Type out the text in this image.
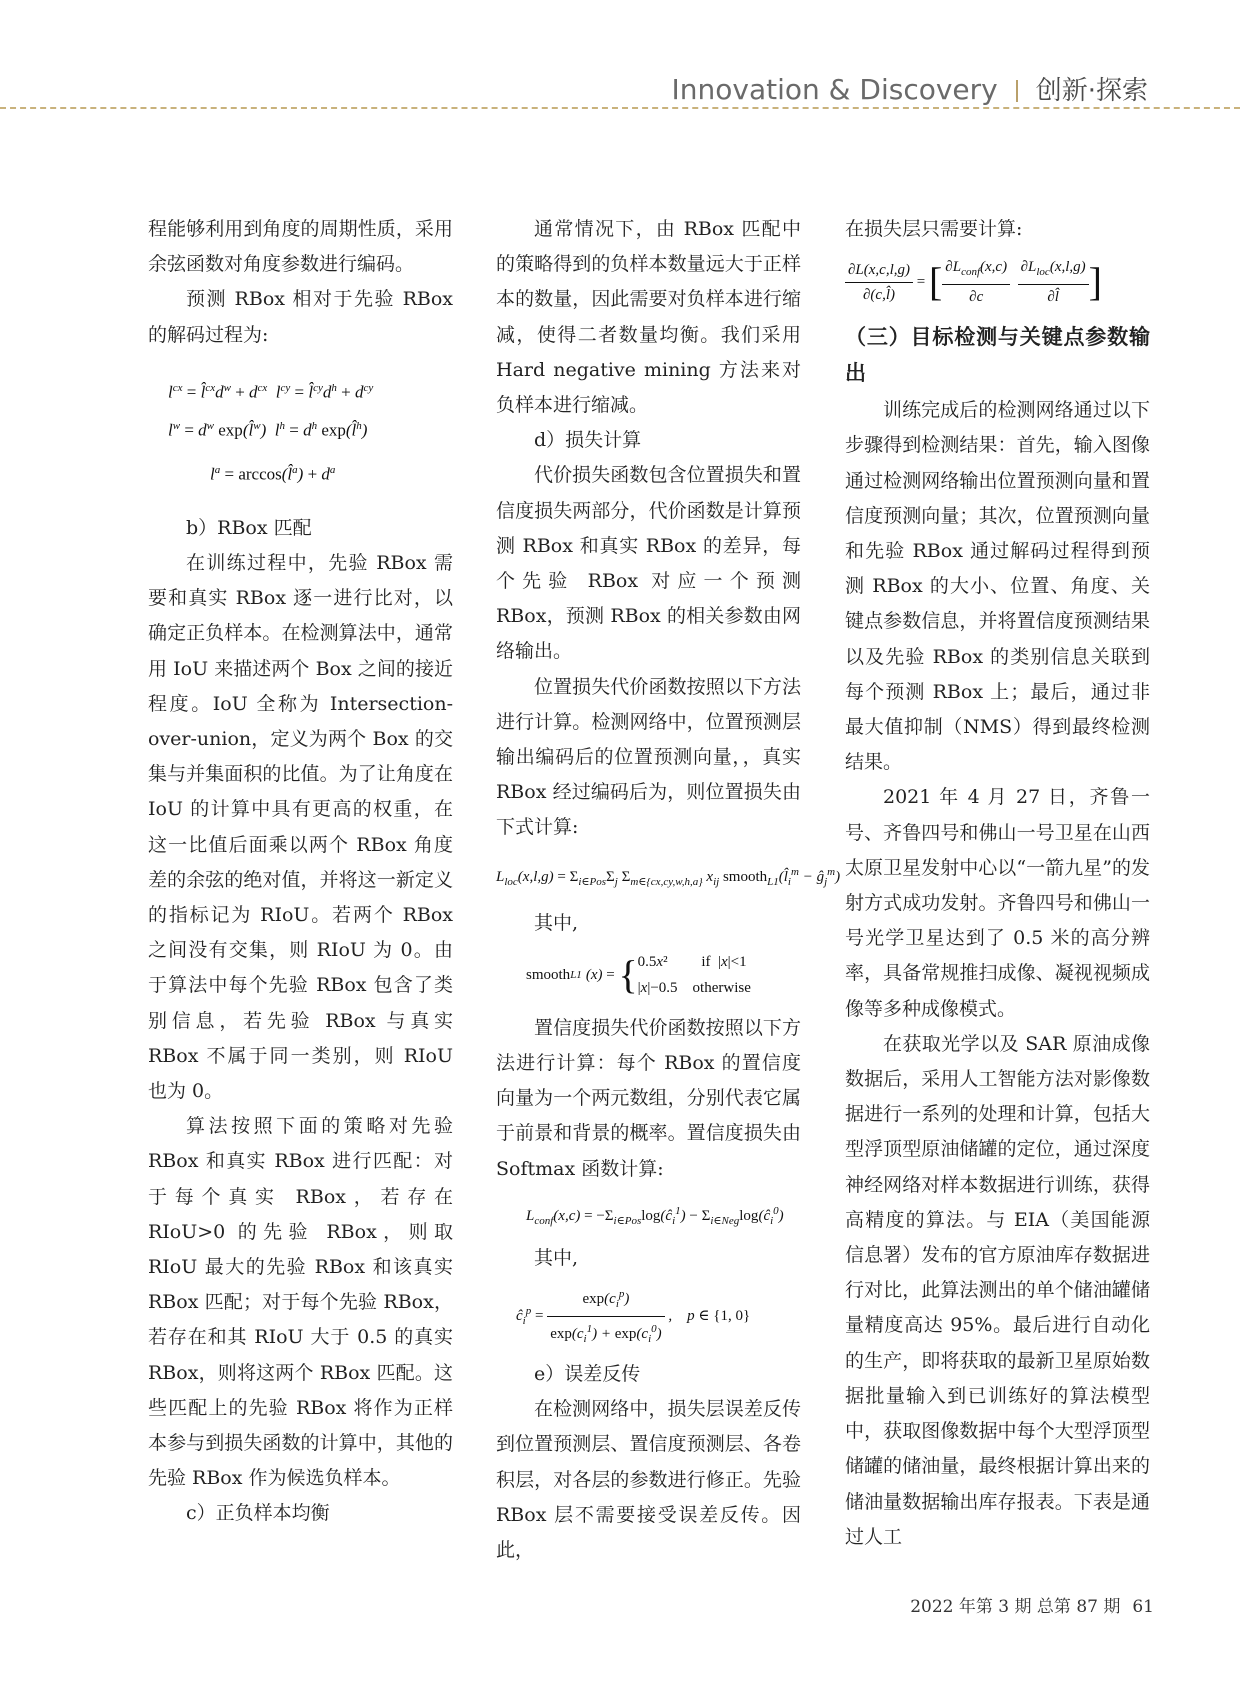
Innovation & Discovery 创新·探索

程能够利用到角度的周期性质，采用余弦函数对角度参数进行编码。

预测 RBox 相对于先验 RBox 的解码过程为:

$l^{cx}$ = $l̂^{cx}d^w + d^{cx}$ $l^{cy}$ = $l̂^{cy}d^h + d^{cy}$
$l^w = d^w$ exp(l̂$^w$)  $l^h = d^h$ exp(l̂$^h$)
$l^a$ = arccos(l̂$^a$) + $d^a$

b）RBox 匹配

在训练过程中，先验 RBox 需要和真实 RBox 逐一进行比对，以确定正负样本。在检测算法中，通常用 IoU 来描述两个 Box 之间的接近程度。IoU 全称为 Intersection-over-union，定义为两个 Box 的交集与并集面积的比值。为了让角度在 IoU 的计算中具有更高的权重，在这一比值后面乘以两个 RBox 角度差的余弦的绝对值，并将这一新定义的指标记为 RIoU。若两个 RBox 之间没有交集，则 RIoU 为 0。由于算法中每个先验 RBox 包含了类别信息，若先验 RBox 与真实 RBox 不属于同一类别，则 RIoU 也为 0。

算法按照下面的策略对先验 RBox 和真实 RBox 进行匹配：对于每个真实 RBox，若存在 RIoU>0 的先验 RBox，则取 RIoU 最大的先验 RBox 和该真实 RBox 匹配；对于每个先验 RBox，若存在和其 RIoU 大于 0.5 的真实 RBox，则将这两个 RBox 匹配。这些匹配上的先验 RBox 将作为正样本参与到损失函数的计算中，其他的先验 RBox 作为候选负样本。

c）正负样本均衡

通常情况下，由 RBox 匹配中的策略得到的负样本数量远大于正样本的数量，因此需要对负样本进行缩减，使得二者数量均衡。我们采用 Hard negative mining 方法来对负样本进行缩减。

d）损失计算

代价损失函数包含位置损失和置信度损失两部分，代价函数是计算预测 RBox 和真实 RBox 的差异，每个先验 RBox 对应一个预测 RBox，预测 RBox 的相关参数由网络输出。

位置损失代价函数按照以下方法进行计算。检测网络中，位置预测层输出编码后的位置预测向量，，真实 RBox 经过编码后为，则位置损失由下式计算:

$L_{loc}(x,l,g) = \Sigma_{i\in Pos}\Sigma_j$ $\Sigma_{m\in\{cx,cy,w,h,a\}}$ $x_{ij}$ $smooth_{L1}(l̂_i^m$ − $ĝ_j^m$)

其中,

smooth L1 ( x ) = { 0.5x²         if  |x|<1
|x|−0.5    otherwise

置信度损失代价函数按照以下方法进行计算：每个 RBox 的置信度向量为一个两元数组，分别代表它属于前景和背景的概率。置信度损失由 Softmax 函数计算:

$L_{conf}(x,c)$ = $-\Sigma_{i\in Pos}\log(ĉ_i^1)$ − $\Sigma_{i\in Neg}\log(ĉ_i^0)$

其中,

$ĉ_i^p = \frac{\exp(c_i^p)}{\exp(c_i^1) + \exp(c_i^0)}$ ,    p ∈ {1, 0}

e）误差反传

在检测网络中，损失层误差反传到位置预测层、置信度预测层、各卷积层，对各层的参数进行修正。先验 RBox 层不需要接受误差反传。因此，

在损失层只需要计算:

$\frac{\partial L(x,c,l,g)}{\partial(c,l̂)}$ = [ $\frac{\partial L_{conf}(x,c)}{\partial c}$
$\frac{\partial L_{loc}(x,l,g)}{\partial l̂}$ ]
（三）目标检测与关键点参数输出

训练完成后的检测网络通过以下步骤得到检测结果：首先，输入图像通过检测网络输出位置预测向量和置信度预测向量；其次，位置预测向量和先验 RBox 通过解码过程得到预测 RBox 的大小、位置、角度、关键点参数信息，并将置信度预测结果以及先验 RBox 的类别信息关联到每个预测 RBox 上；最后，通过非最大值抑制（NMS）得到最终检测结果。

2021 年 4 月 27 日，齐鲁一号、齐鲁四号和佛山一号卫星在山西太原卫星发射中心以“一箭九星”的发射方式成功发射。齐鲁四号和佛山一号光学卫星达到了 0.5 米的高分辨率，具备常规推扫成像、凝视视频成像等多种成像模式。

在获取光学以及 SAR 原油成像数据后，采用人工智能方法对影像数据进行一系列的处理和计算，包括大型浮顶型原油储罐的定位，通过深度神经网络对样本数据进行训练，获得高精度的算法。与 EIA（美国能源信息署）发布的官方原油库存数据进行对比，此算法测出的单个储油罐储量精度高达 95%。最后进行自动化的生产，即将获取的最新卫星原始数据批量输入到已训练好的算法模型中，获取图像数据中每个大型浮顶型储罐的储油量，最终根据计算出来的储油量数据输出库存报表。下表是通过人工

2022 年第 3 期 总第 87 期 61
